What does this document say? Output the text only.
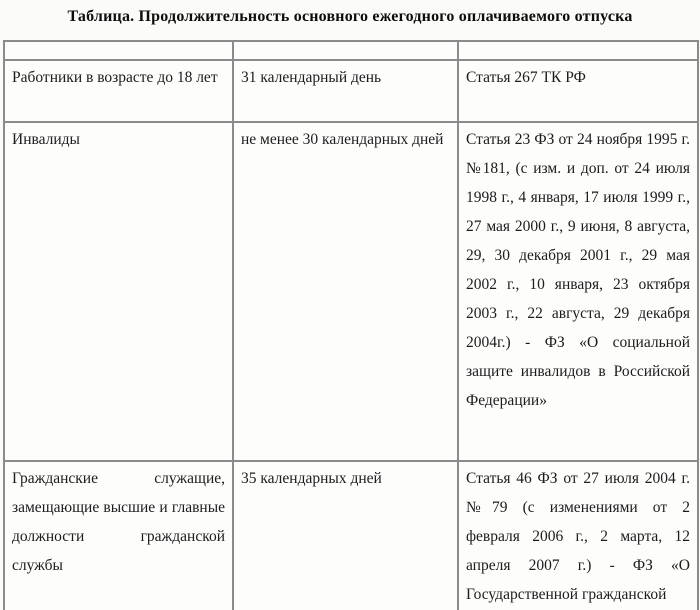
Таблица. Продолжительность основного ежегодного оплачиваемого отпуска

Работники в возрасте до 18 лет	31 календарный день	Статья 267 ТК РФ
Инвалиды	не менее 30 календарных дней	Статья 23 ФЗ от 24 ноября 1995 г. №181, (с изм. и доп. от 24 июля 1998 г., 4 января, 17 июля 1999 г., 27 мая 2000 г., 9 июня, 8 августа, 29, 30 декабря 2001 г., 29 мая 2002 г., 10 января, 23 октября 2003 г., 22 августа, 29 декабря 2004г.) - ФЗ «О социальной защите инвалидов в Российской Федерации»
Гражданские служащие, замещающие высшие и главные должности гражданской службы	35 календарных дней	Статья 46 ФЗ от 27 июля 2004 г. №79 (с изменениями от 2 февраля 2006 г., 2 марта, 12 апреля 2007 г.) - ФЗ «О Государственной гражданской
